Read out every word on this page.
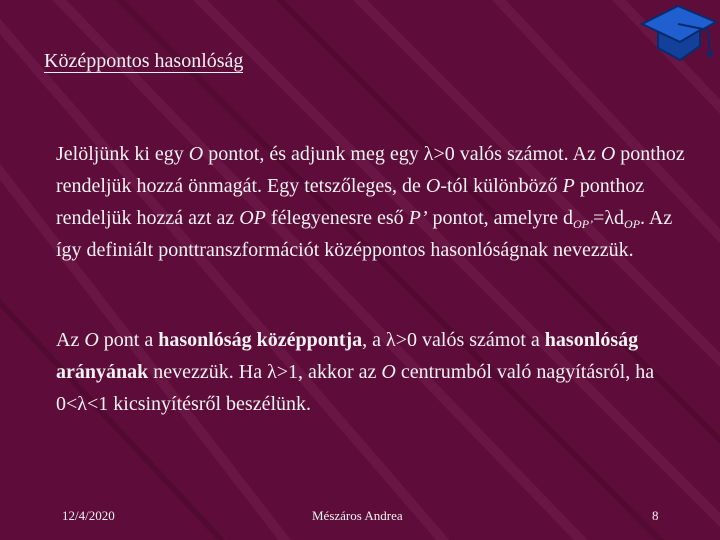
Középpontos hasonlóság

Jelöljünk ki egy O pontot, és adjunk meg egy λ>0 valós számot. Az O ponthoz rendeljük hozzá önmagát. Egy tetszőleges, de O-tól különböző P ponthoz rendeljük hozzá azt az OP félegyenesre eső P’ pontot, amelyre $d_{OP’}=\lambda d_{OP}$. Az így definiált ponttranszformációt középpontos hasonlóságnak nevezzük.

Az O pont a hasonlóság középpontja, a λ>0 valós számot a hasonlóság arányának nevezzük. Ha λ>1, akkor az O centrumból való nagyításról, ha 0<λ<1 kicsinyítésről beszélünk.

12/4/2020	Mészáros Andrea	8
